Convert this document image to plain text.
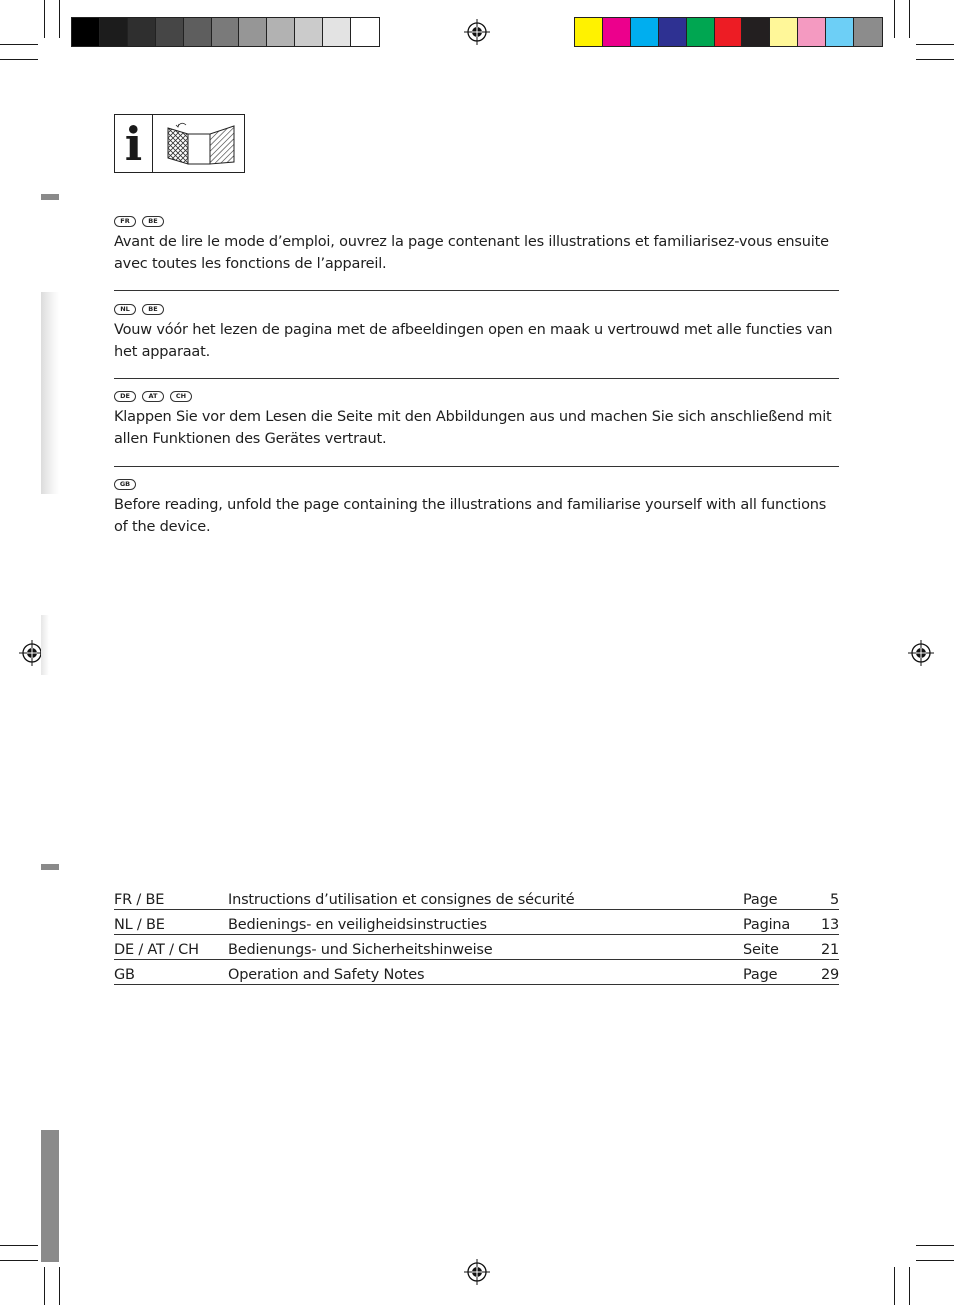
i
FR	BE

Avant de lire le mode d’emploi, ouvrez la page contenant les illustrations et familiarisez-vous ensuite avec toutes les fonctions de l’appareil.

NL	BE

Vouw vóór het lezen de pagina met de afbeeldingen open en maak u vertrouwd met alle functies van het apparaat.

DE	AT	CH

Klappen Sie vor dem Lesen die Seite mit den Abbildungen aus und machen Sie sich anschließend mit allen Funktionen des Gerätes vertraut.

GB

Before reading, unfold the page containing the illustrations and familiarise yourself with all functions of the device.

FR / BE	Instructions d’utilisation et consignes de sécurité	Page	5
NL / BE	Bedienings- en veiligheidsinstructies	Pagina	13
DE / AT / CH	Bedienungs- und Sicherheitshinweise	Seite	21
GB	Operation and Safety Notes	Page	29
